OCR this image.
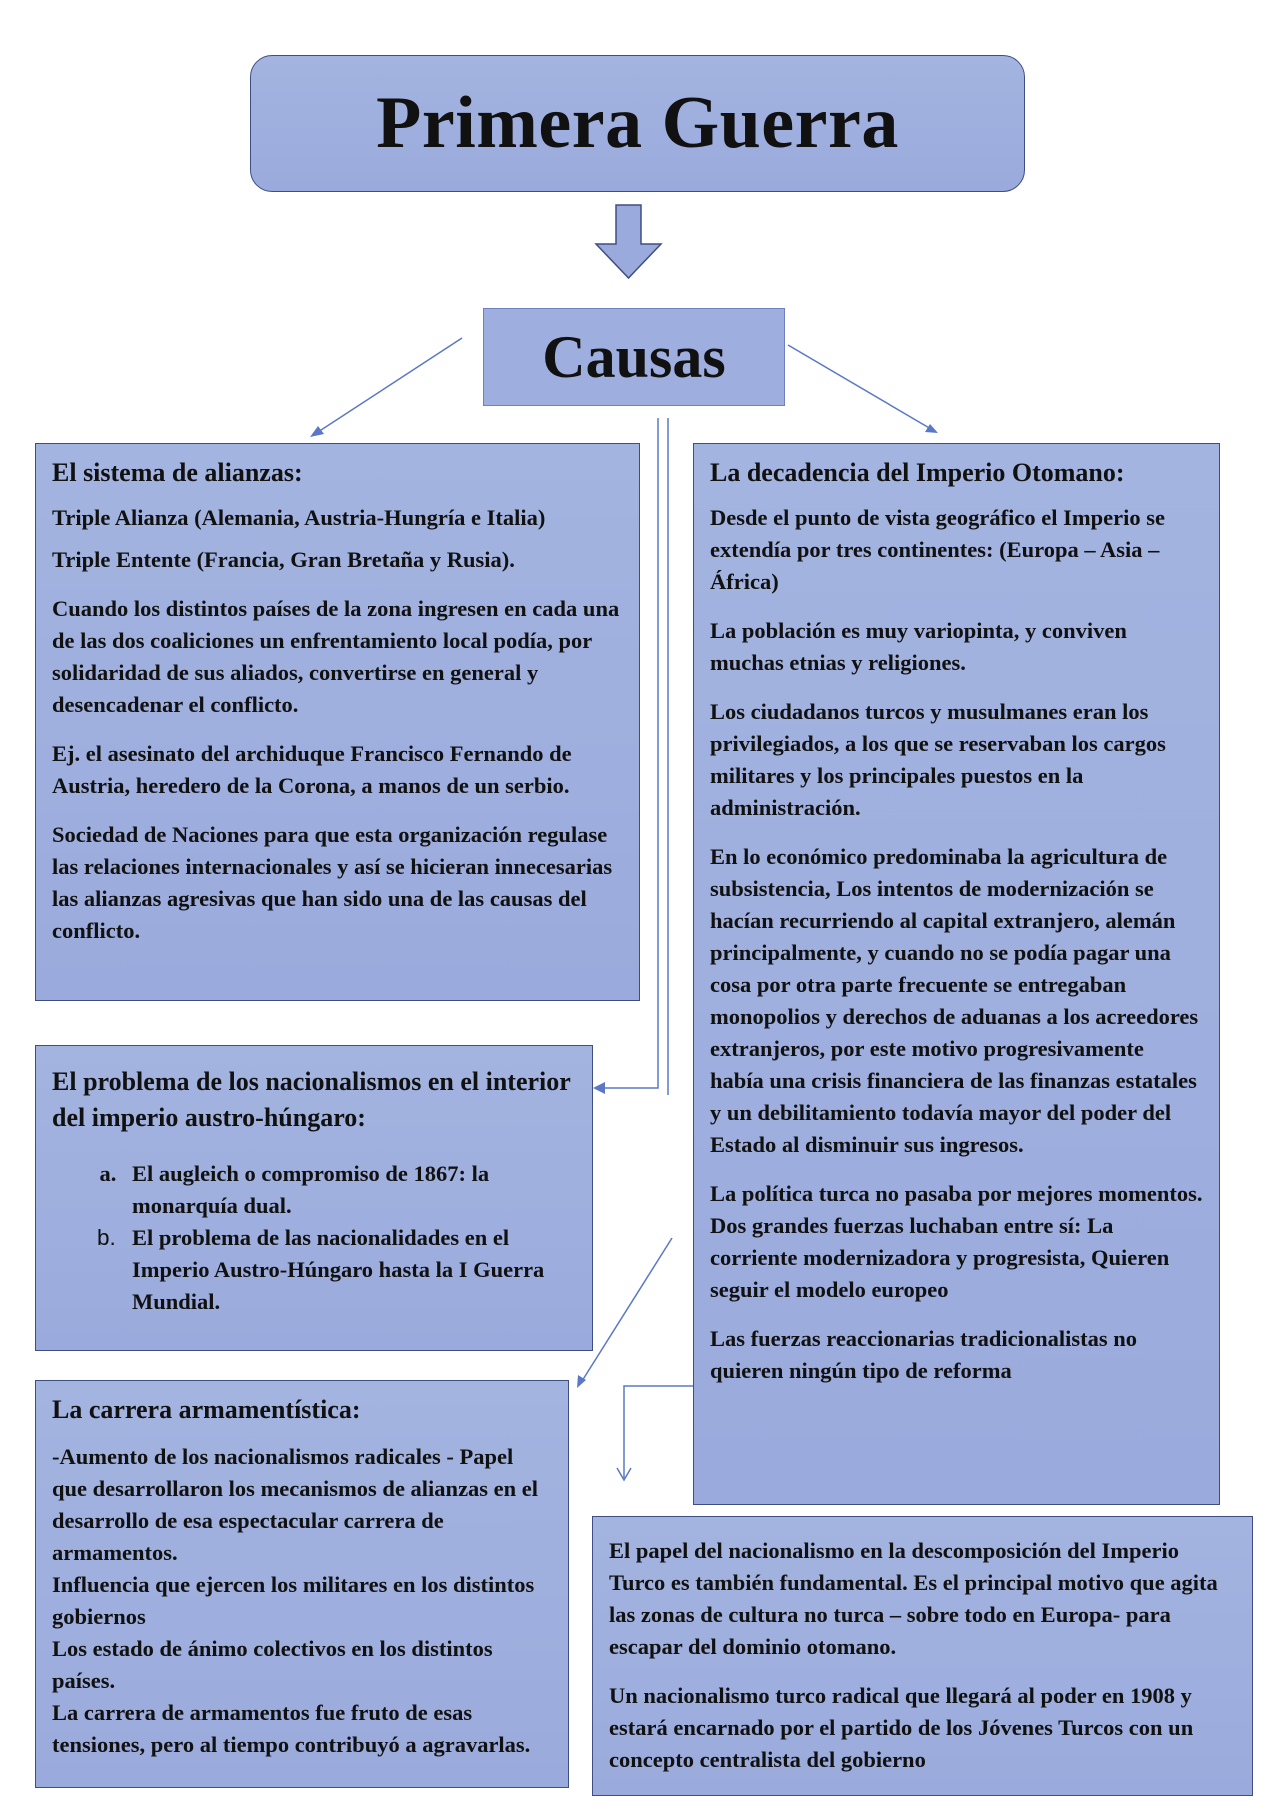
Primera Guerra
Causas
El sistema de alianzas:

Triple Alianza (Alemania, Austria-Hungría e Italia)

Triple Entente (Francia, Gran Bretaña y Rusia).

Cuando los distintos países de la zona ingresen en cada una de las dos coaliciones un enfrentamiento local podía, por solidaridad de sus aliados, convertirse en general y desencadenar el conflicto.

Ej. el asesinato del archiduque Francisco Fernando de Austria, heredero de la Corona, a manos de un serbio.

Sociedad de Naciones para que esta organización regulase las relaciones internacionales y así se hicieran innecesarias las alianzas agresivas que han sido una de las causas del conflicto.

El problema de los nacionalismos en el interior del imperio austro-húngaro:
a. El augleich o compromiso de 1867: la monarquía dual.
b. El problema de las nacionalidades en el Imperio Austro-Húngaro hasta la I Guerra Mundial.
La carrera armamentística:
-Aumento de los nacionalismos radicales - Papel que desarrollaron los mecanismos de alianzas en el desarrollo de esa espectacular carrera de armamentos.
Influencia que ejercen los militares en los distintos gobiernos
Los estado de ánimo colectivos en los distintos países.
La carrera de armamentos fue fruto de esas tensiones, pero al tiempo contribuyó a agravarlas.
La decadencia del Imperio Otomano:

Desde el punto de vista geográfico el Imperio se extendía por tres continentes: (Europa – Asia – África)

La población es muy variopinta, y conviven muchas etnias y religiones.

Los ciudadanos turcos y musulmanes eran los privilegiados, a los que se reservaban los cargos militares y los principales puestos en la administración.

En lo económico predominaba la agricultura de subsistencia, Los intentos de modernización se hacían recurriendo al capital extranjero, alemán principalmente, y cuando no se podía pagar una cosa por otra parte frecuente se entregaban monopolios y derechos de aduanas a los acreedores extranjeros, por este motivo progresivamente había una crisis financiera de las finanzas estatales y un debilitamiento todavía mayor del poder del Estado al disminuir sus ingresos.

La política turca no pasaba por mejores momentos. Dos grandes fuerzas luchaban entre sí: La corriente modernizadora y progresista, Quieren seguir el modelo europeo

Las fuerzas reaccionarias tradicionalistas no quieren ningún tipo de reforma

El papel del nacionalismo en la descomposición del Imperio Turco es también fundamental. Es el principal motivo que agita las zonas de cultura no turca – sobre todo en Europa- para escapar del dominio otomano.

Un nacionalismo turco radical que llegará al poder en 1908 y estará encarnado por el partido de los Jóvenes Turcos con un concepto centralista del gobierno
